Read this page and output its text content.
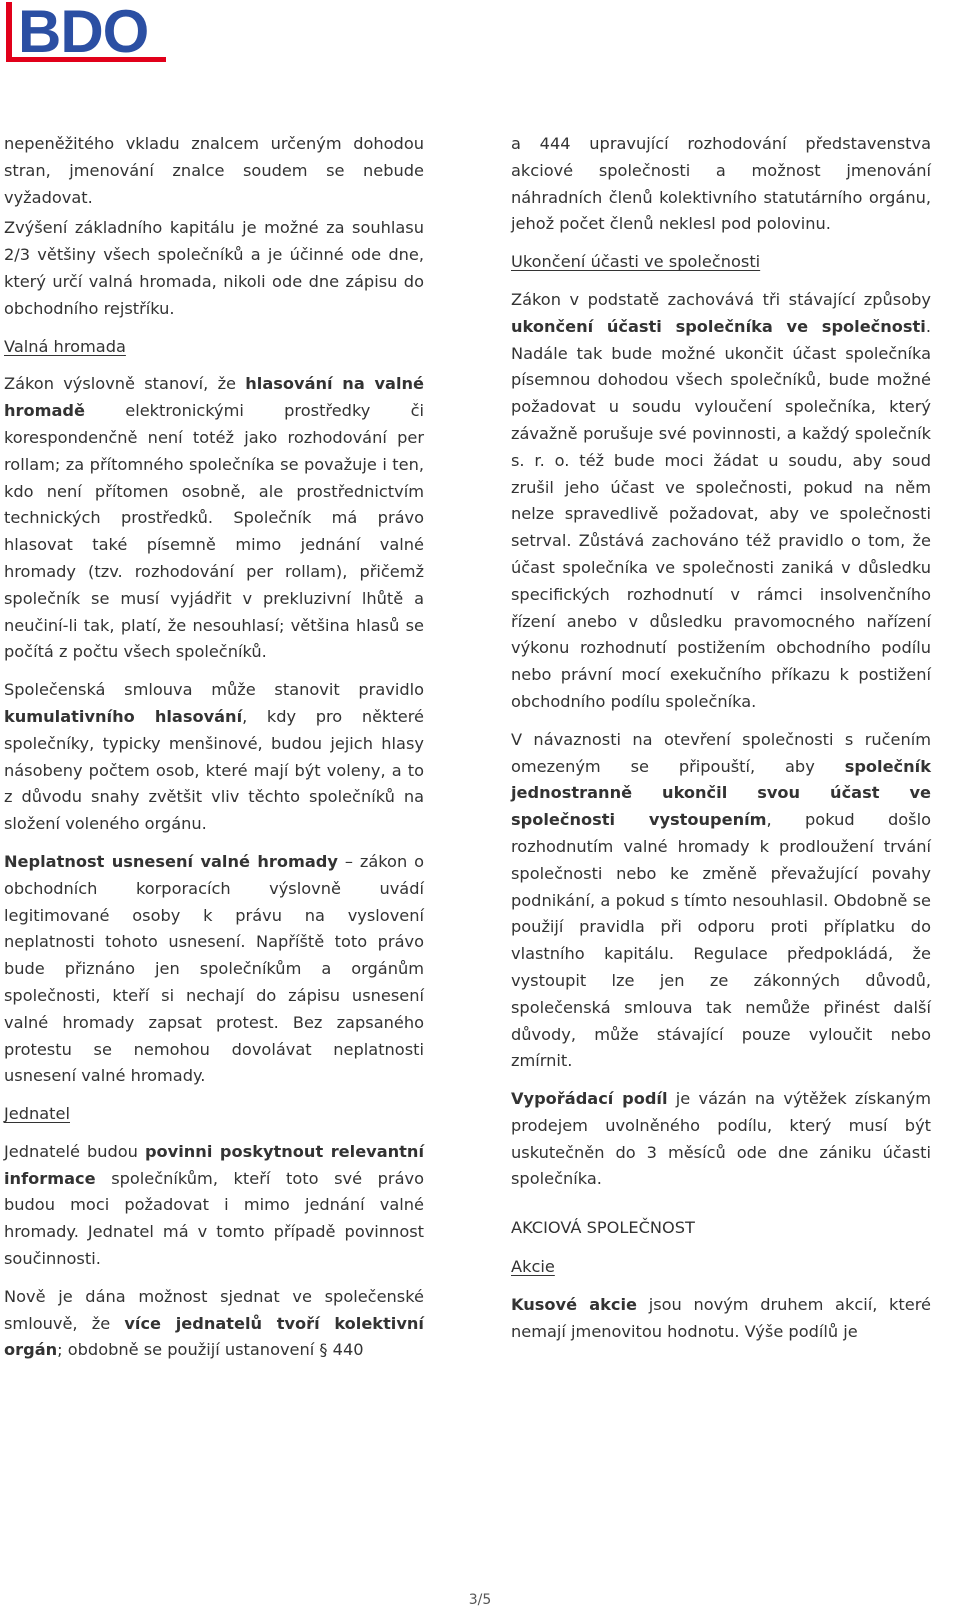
BDO

nepeněžitého vkladu znalcem určeným dohodou stran, jmenování znalce soudem se nebude vyžadovat.

Zvýšení základního kapitálu je možné za souhlasu 2/3 většiny všech společníků a je účinné ode dne, který určí valná hromada, nikoli ode dne zápisu do obchodního rejstříku.

Valná hromada

Zákon výslovně stanoví, že hlasování na valné hromadě elektronickými prostředky či korespondenčně není totéž jako rozhodování per rollam; za přítomného společníka se považuje i ten, kdo není přítomen osobně, ale prostřednictvím technických prostředků. Společník má právo hlasovat také písemně mimo jednání valné hromady (tzv. rozhodování per rollam), přičemž společník se musí vyjádřit v prekluzivní lhůtě a neučiní-li tak, platí, že nesouhlasí; většina hlasů se počítá z počtu všech společníků.

Společenská smlouva může stanovit pravidlo kumulativního hlasování, kdy pro některé společníky, typicky menšinové, budou jejich hlasy násobeny počtem osob, které mají být voleny, a to z důvodu snahy zvětšit vliv těchto společníků na složení voleného orgánu.

Neplatnost usnesení valné hromady – zákon o obchodních korporacích výslovně uvádí legitimované osoby k právu na vyslovení neplatnosti tohoto usnesení. Napříště toto právo bude přiznáno jen společníkům a orgánům společnosti, kteří si nechají do zápisu usnesení valné hromady zapsat protest. Bez zapsaného protestu se nemohou dovolávat neplatnosti usnesení valné hromady.

Jednatel

Jednatelé budou povinni poskytnout relevantní informace společníkům, kteří toto své právo budou moci požadovat i mimo jednání valné hromady. Jednatel má v tomto případě povinnost součinnosti.

Nově je dána možnost sjednat ve společenské smlouvě, že více jednatelů tvoří kolektivní orgán; obdobně se použijí ustanovení § 440

a 444 upravující rozhodování představenstva akciové společnosti a možnost jmenování náhradních členů kolektivního statutárního orgánu, jehož počet členů neklesl pod polovinu.

Ukončení účasti ve společnosti

Zákon v podstatě zachovává tři stávající způsoby ukončení účasti společníka ve společnosti. Nadále tak bude možné ukončit účast společníka písemnou dohodou všech společníků, bude možné požadovat u soudu vyloučení společníka, který závažně porušuje své povinnosti, a každý společník s. r. o. též bude moci žádat u soudu, aby soud zrušil jeho účast ve společnosti, pokud na něm nelze spravedlivě požadovat, aby ve společnosti setrval. Zůstává zachováno též pravidlo o tom, že účast společníka ve společnosti zaniká v důsledku specifických rozhodnutí v rámci insolvenčního řízení anebo v důsledku pravomocného nařízení výkonu rozhodnutí postižením obchodního podílu nebo právní mocí exekučního příkazu k postižení obchodního podílu společníka.

V návaznosti na otevření společnosti s ručením omezeným se připouští, aby společník jednostranně ukončil svou účast ve společnosti vystoupením, pokud došlo rozhodnutím valné hromady k prodloužení trvání společnosti nebo ke změně převažující povahy podnikání, a pokud s tímto nesouhlasil. Obdobně se použijí pravidla při odporu proti příplatku do vlastního kapitálu. Regulace předpokládá, že vystoupit lze jen ze zákonných důvodů, společenská smlouva tak nemůže přinést další důvody, může stávající pouze vyloučit nebo zmírnit.

Vypořádací podíl je vázán na výtěžek získaným prodejem uvolněného podílu, který musí být uskutečněn do 3 měsíců ode dne zániku účasti společníka.

AKCIOVÁ SPOLEČNOST
Akcie

Kusové akcie jsou novým druhem akcií, které nemají jmenovitou hodnotu. Výše podílů je

3/5
